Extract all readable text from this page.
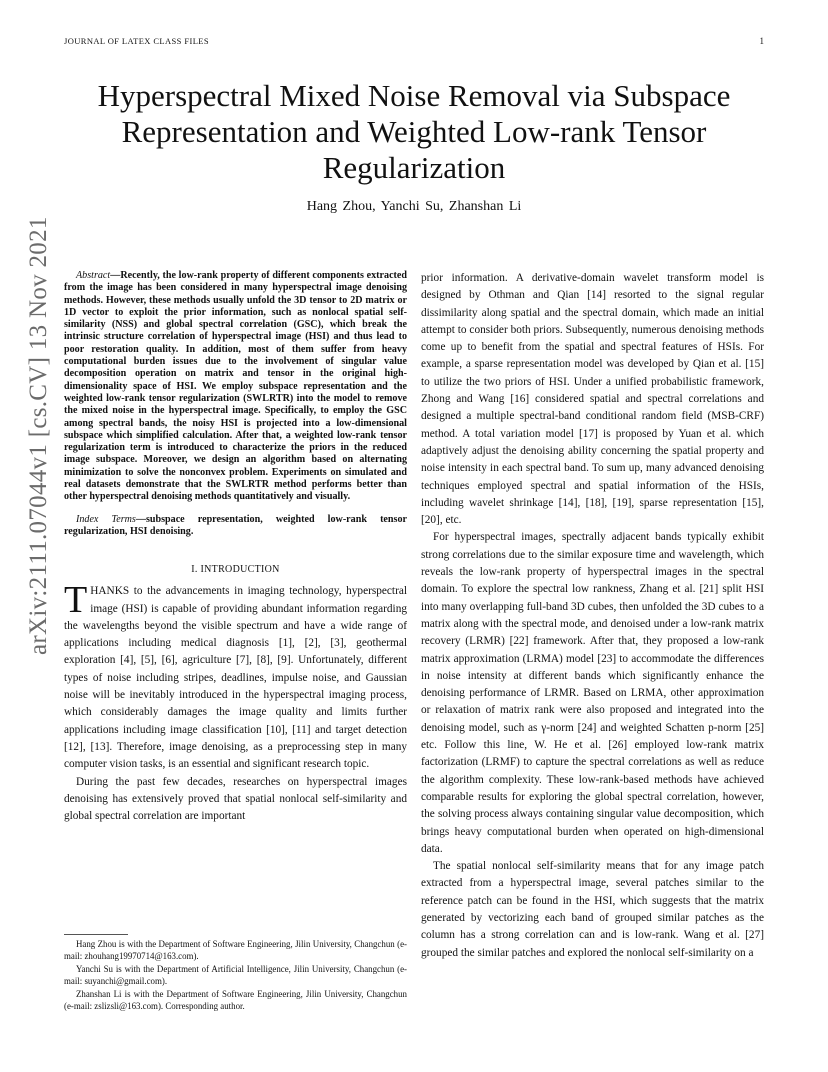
JOURNAL OF LATEX CLASS FILES	1
arXiv:2111.07044v1 [cs.CV] 13 Nov 2021
Hyperspectral Mixed Noise Removal via Subspace Representation and Weighted Low-rank Tensor Regularization
Hang Zhou, Yanchi Su, Zhanshan Li

Abstract—Recently, the low-rank property of different components extracted from the image has been considered in many hyperspectral image denoising methods. However, these methods usually unfold the 3D tensor to 2D matrix or 1D vector to exploit the prior information, such as nonlocal spatial self-similarity (NSS) and global spectral correlation (GSC), which break the intrinsic structure correlation of hyperspectral image (HSI) and thus lead to poor restoration quality. In addition, most of them suffer from heavy computational burden issues due to the involvement of singular value decomposition operation on matrix and tensor in the original high-dimensionality space of HSI. We employ subspace representation and the weighted low-rank tensor regularization (SWLRTR) into the model to remove the mixed noise in the hyperspectral image. Specifically, to employ the GSC among spectral bands, the noisy HSI is projected into a low-dimensional subspace which simplified calculation. After that, a weighted low-rank tensor regularization term is introduced to characterize the priors in the reduced image subspace. Moreover, we design an algorithm based on alternating minimization to solve the nonconvex problem. Experiments on simulated and real datasets demonstrate that the SWLRTR method performs better than other hyperspectral denoising methods quantitatively and visually.

Index Terms—subspace representation, weighted low-rank tensor regularization, HSI denoising.

I. INTRODUCTION

THANKS to the advancements in imaging technology, hyperspectral image (HSI) is capable of providing abundant information regarding the wavelengths beyond the visible spectrum and have a wide range of applications including medical diagnosis [1], [2], [3], geothermal exploration [4], [5], [6], agriculture [7], [8], [9]. Unfortunately, different types of noise including stripes, deadlines, impulse noise, and Gaussian noise will be inevitably introduced in the hyperspectral imaging process, which considerably damages the image quality and limits further applications including image classification [10], [11] and target detection [12], [13]. Therefore, image denoising, as a preprocessing step in many computer vision tasks, is an essential and significant research topic.

During the past few decades, researches on hyperspectral images denoising has extensively proved that spatial nonlocal self-similarity and global spectral correlation are important

prior information. A derivative-domain wavelet transform model is designed by Othman and Qian [14] resorted to the signal regular dissimilarity along spatial and the spectral domain, which made an initial attempt to consider both priors. Subsequently, numerous denoising methods come up to benefit from the spatial and spectral features of HSIs. For example, a sparse representation model was developed by Qian et al. [15] to utilize the two priors of HSI. Under a unified probabilistic framework, Zhong and Wang [16] considered spatial and spectral correlations and designed a multiple spectral-band conditional random field (MSB-CRF) method. A total variation model [17] is proposed by Yuan et al. which adaptively adjust the denoising ability concerning the spatial property and noise intensity in each spectral band. To sum up, many advanced denoising techniques employed spectral and spatial information of the HSIs, including wavelet shrinkage [14], [18], [19], sparse representation [15], [20], etc.

For hyperspectral images, spectrally adjacent bands typically exhibit strong correlations due to the similar exposure time and wavelength, which reveals the low-rank property of hyperspectral images in the spectral domain. To explore the spectral low rankness, Zhang et al. [21] split HSI into many overlapping full-band 3D cubes, then unfolded the 3D cubes to a matrix along with the spectral mode, and denoised under a low-rank matrix recovery (LRMR) [22] framework. After that, they proposed a low-rank matrix approximation (LRMA) model [23] to accommodate the differences in noise intensity at different bands which significantly enhance the denoising performance of LRMR. Based on LRMA, other approximation or relaxation of matrix rank were also proposed and integrated into the denoising model, such as γ-norm [24] and weighted Schatten p-norm [25] etc. Follow this line, W. He et al. [26] employed low-rank matrix factorization (LRMF) to capture the spectral correlations as well as reduce the algorithm complexity. These low-rank-based methods have achieved comparable results for exploring the global spectral correlation, however, the solving process always containing singular value decomposition, which brings heavy computational burden when operated on high-dimensional data.

The spatial nonlocal self-similarity means that for any image patch extracted from a hyperspectral image, several patches similar to the reference patch can be found in the HSI, which suggests that the matrix generated by vectorizing each band of grouped similar patches as the column has a strong correlation can and is low-rank. Wang et al. [27] grouped the similar patches and explored the nonlocal self-similarity on a

Hang Zhou is with the Department of Software Engineering, Jilin University, Changchun (e-mail: zhouhang19970714@163.com).

Yanchi Su is with the Department of Artificial Intelligence, Jilin University, Changchun (e-mail: suyanchi@gmail.com).

Zhanshan Li is with the Department of Software Engineering, Jilin University, Changchun (e-mail: zslizsli@163.com). Corresponding author.
